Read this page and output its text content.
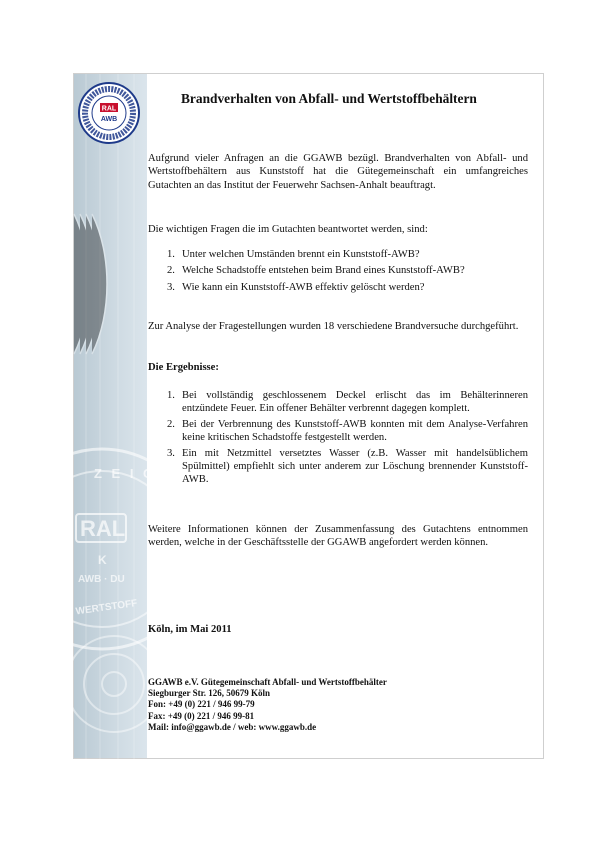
Z E I C
RAL
K
AWB · DU
WERTSTOFF
RAL
AWB
Brandverhalten von Abfall- und Wertstoffbehältern

Aufgrund vieler Anfragen an die GGAWB bezügl. Brandverhalten von Abfall- und Wertstoffbehältern aus Kunststoff hat die Gütegemeinschaft ein umfangreiches Gutachten an das Institut der Feuerwehr Sachsen-Anhalt beauftragt.

Die wichtigen Fragen die im Gutachten beantwortet werden, sind:

1. Unter welchen Umständen brennt ein Kunststoff-AWB?
2. Welche Schadstoffe entstehen beim Brand eines Kunststoff-AWB?
3. Wie kann ein Kunststoff-AWB effektiv gelöscht werden?

Zur Analyse der Fragestellungen wurden 18 verschiedene Brandversuche durchgeführt.

Die Ergebnisse:

1. Bei vollständig geschlossenem Deckel erlischt das im Behälterinneren entzündete Feuer. Ein offener Behälter verbrennt dagegen komplett.
2. Bei der Verbrennung des Kunststoff-AWB konnten mit dem Analyse-Verfahren keine kritischen Schadstoffe festgestellt werden.
3. Ein mit Netzmittel versetztes Wasser (z.B. Wasser mit handelsüblichem Spülmittel) empfiehlt sich unter anderem zur Löschung brennender Kunststoff-AWB.

Weitere Informationen können der Zusammenfassung des Gutachtens entnommen werden, welche in der Geschäftsstelle der GGAWB angefordert werden können.

Köln, im Mai 2011

GGAWB e.V. Gütegemeinschaft Abfall- und Wertstoffbehälter
Siegburger Str. 126, 50679 Köln
Fon: +49 (0) 221 / 946 99-79
Fax: +49 (0) 221 / 946 99-81
Mail: info@ggawb.de / web: www.ggawb.de
